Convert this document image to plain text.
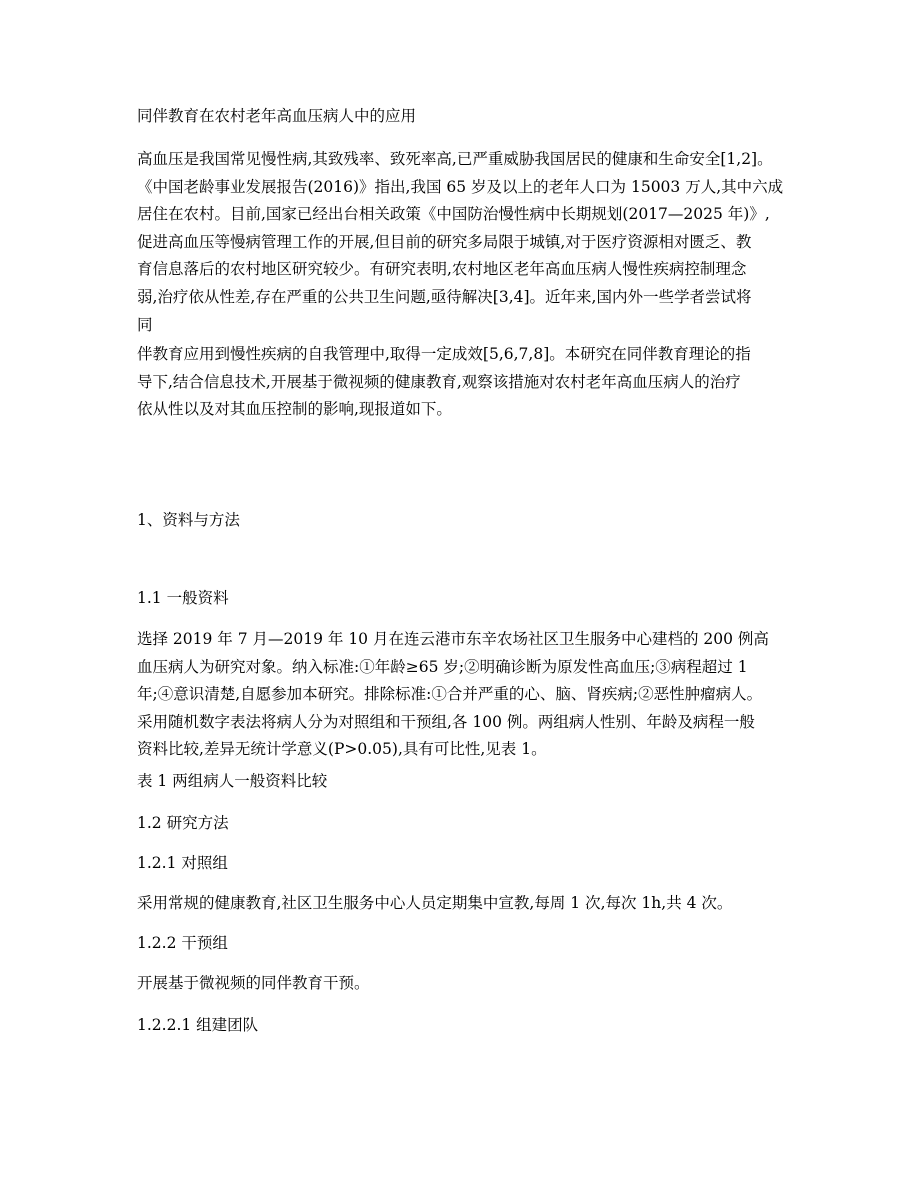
同伴教育在农村老年高血压病人中的应用
高血压是我国常见慢性病,其致残率、致死率高,已严重威胁我国居民的健康和生命安全[1,2]。
《中国老龄事业发展报告(2016)》指出,我国 65 岁及以上的老年人口为 15003 万人,其中六成
居住在农村。目前,国家已经出台相关政策《中国防治慢性病中长期规划(2017—2025 年)》,
促进高血压等慢病管理工作的开展,但目前的研究多局限于城镇,对于医疗资源相对匮乏、教
育信息落后的农村地区研究较少。有研究表明,农村地区老年高血压病人慢性疾病控制理念
弱,治疗依从性差,存在严重的公共卫生问题,亟待解决[3,4]。近年来,国内外一些学者尝试将
同
伴教育应用到慢性疾病的自我管理中,取得一定成效[5,6,7,8]。本研究在同伴教育理论的指
导下,结合信息技术,开展基于微视频的健康教育,观察该措施对农村老年高血压病人的治疗
依从性以及对其血压控制的影响,现报道如下。
1、资料与方法
1.1 一般资料
选择 2019 年 7 月—2019 年 10 月在连云港市东辛农场社区卫生服务中心建档的 200 例高
血压病人为研究对象。纳入标准:①年龄≥65 岁;②明确诊断为原发性高血压;③病程超过 1
年;④意识清楚,自愿参加本研究。排除标准:①合并严重的心、脑、肾疾病;②恶性肿瘤病人。
采用随机数字表法将病人分为对照组和干预组,各 100 例。两组病人性别、年龄及病程一般
资料比较,差异无统计学意义(P>0.05),具有可比性,见表 1。
表 1 两组病人一般资料比较
1.2 研究方法
1.2.1 对照组
采用常规的健康教育,社区卫生服务中心人员定期集中宣教,每周 1 次,每次 1h,共 4 次。
1.2.2 干预组
开展基于微视频的同伴教育干预。
1.2.2.1 组建团队
